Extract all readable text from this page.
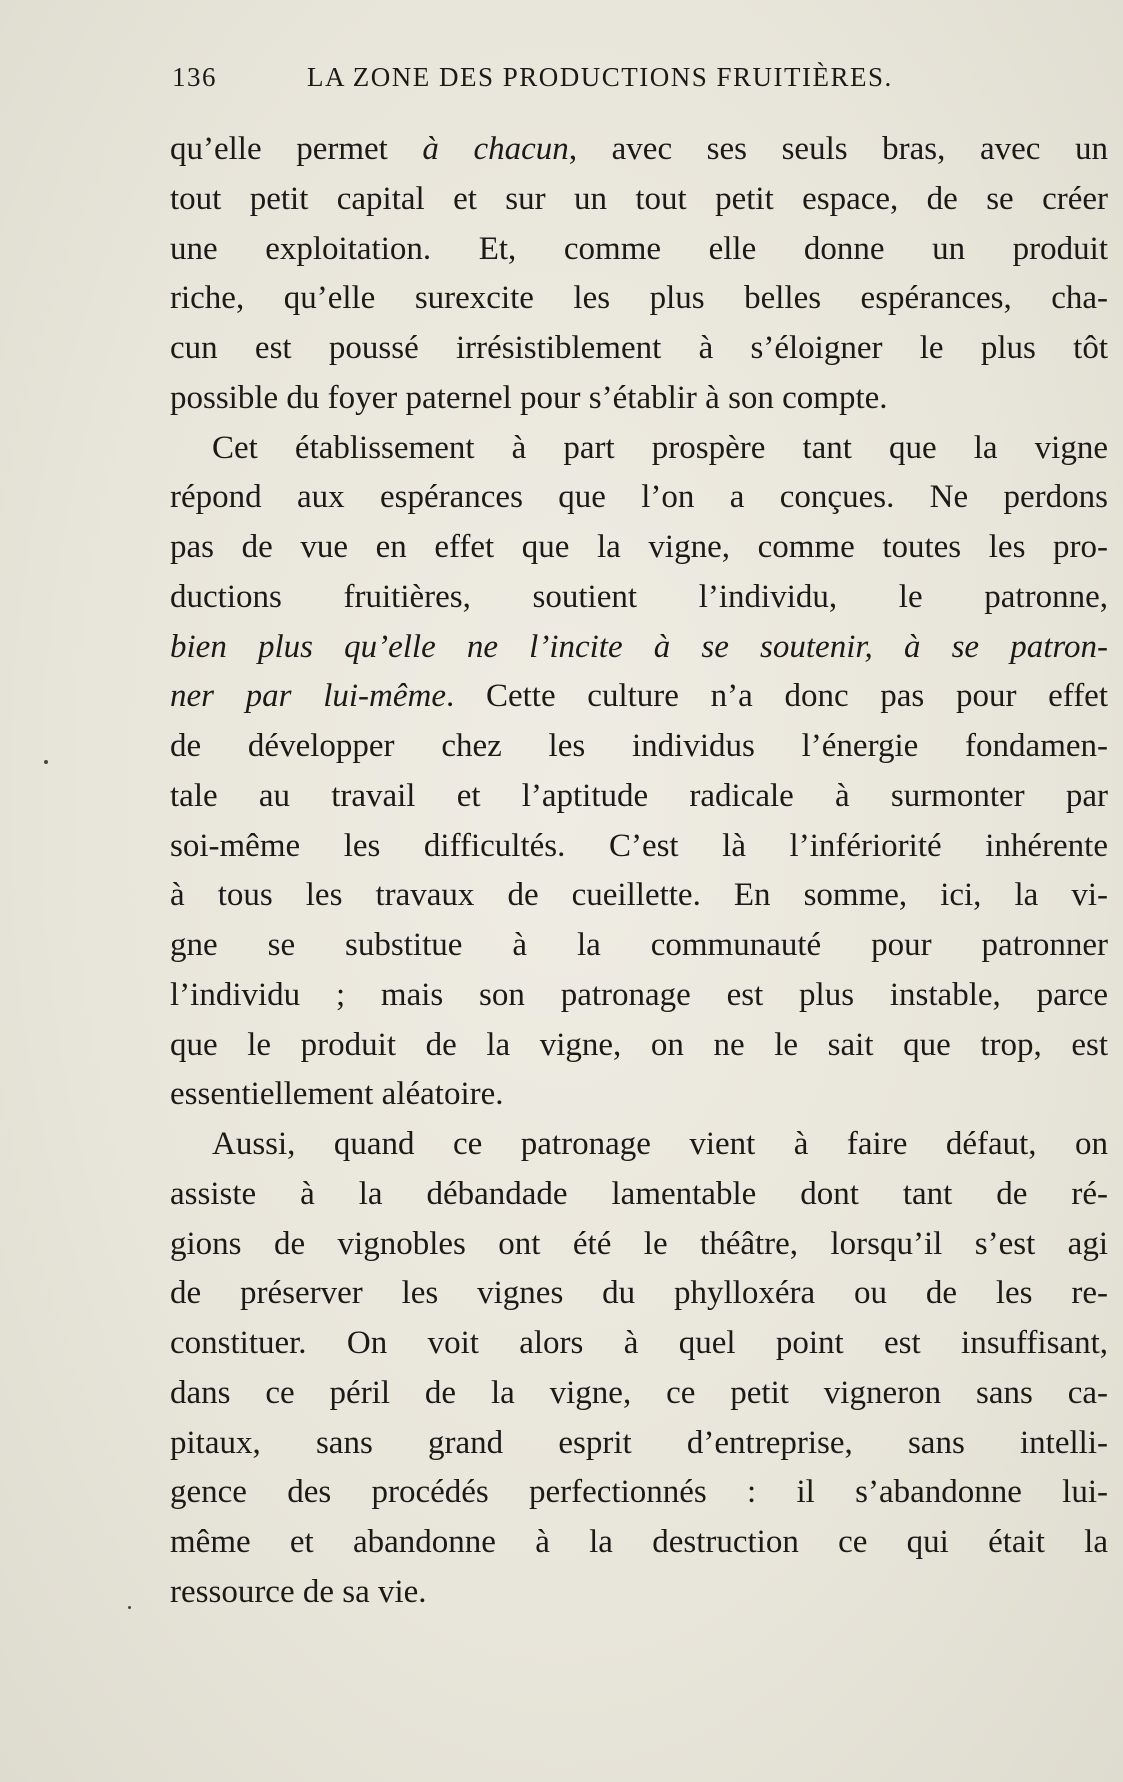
136	LA ZONE DES PRODUCTIONS FRUITIÈRES.
qu’elle permet à chacun, avec ses seuls bras, avec un
tout petit capital et sur un tout petit espace, de se créer
une exploitation. Et, comme elle donne un produit
riche, qu’elle surexcite les plus belles espérances, cha-
cun est poussé irrésistiblement à s’éloigner le plus tôt
possible du foyer paternel pour s’établir à son compte.
Cet établissement à part prospère tant que la vigne
répond aux espérances que l’on a conçues. Ne perdons
pas de vue en effet que la vigne, comme toutes les pro-
ductions fruitières, soutient l’individu, le patronne,
bien plus qu’elle ne l’incite à se soutenir, à se patron-
ner par lui-même. Cette culture n’a donc pas pour effet
de développer chez les individus l’énergie fondamen-
tale au travail et l’aptitude radicale à surmonter par
soi-même les difficultés. C’est là l’infériorité inhérente
à tous les travaux de cueillette. En somme, ici, la vi-
gne se substitue à la communauté pour patronner
l’individu ; mais son patronage est plus instable, parce
que le produit de la vigne, on ne le sait que trop, est
essentiellement aléatoire.
Aussi, quand ce patronage vient à faire défaut, on
assiste à la débandade lamentable dont tant de ré-
gions de vignobles ont été le théâtre, lorsqu’il s’est agi
de préserver les vignes du phylloxéra ou de les re-
constituer. On voit alors à quel point est insuffisant,
dans ce péril de la vigne, ce petit vigneron sans ca-
pitaux, sans grand esprit d’entreprise, sans intelli-
gence des procédés perfectionnés : il s’abandonne lui-
même et abandonne à la destruction ce qui était la
ressource de sa vie.
